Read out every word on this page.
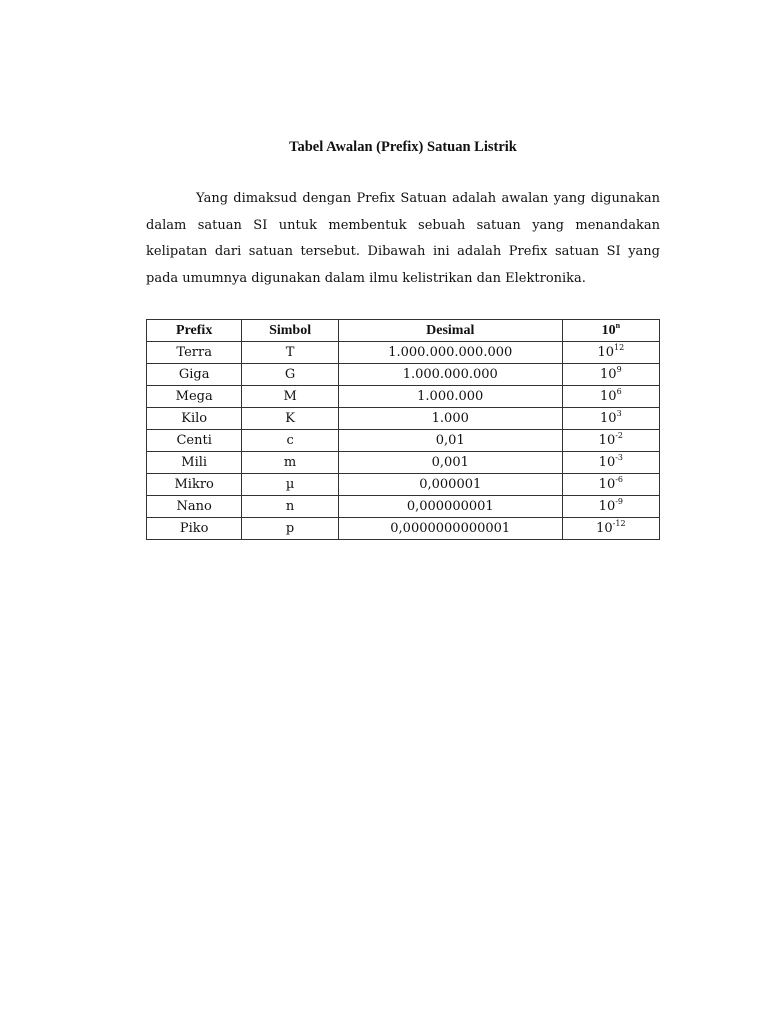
Tabel Awalan (Prefix) Satuan Listrik

Yang dimaksud dengan Prefix Satuan adalah awalan yang digunakan dalam satuan SI untuk membentuk sebuah satuan yang menandakan kelipatan dari satuan tersebut. Dibawah ini adalah Prefix satuan SI yang pada umumnya digunakan dalam ilmu kelistrikan dan Elektronika.

Prefix	Simbol	Desimal	10$^n$
Terra	T	1.000.000.000.000	$10^{12}$
Giga	G	1.000.000.000	$10^9$
Mega	M	1.000.000	$10^6$
Kilo	K	1.000	$10^3$
Centi	c	0,01	$10^{-2}$
Mili	m	0,001	$10^{-3}$
Mikro	µ	0,000001	$10^{-6}$
Nano	n	0,000000001	$10^{-9}$
Piko	p	0,0000000000001	$10^{-12}$
